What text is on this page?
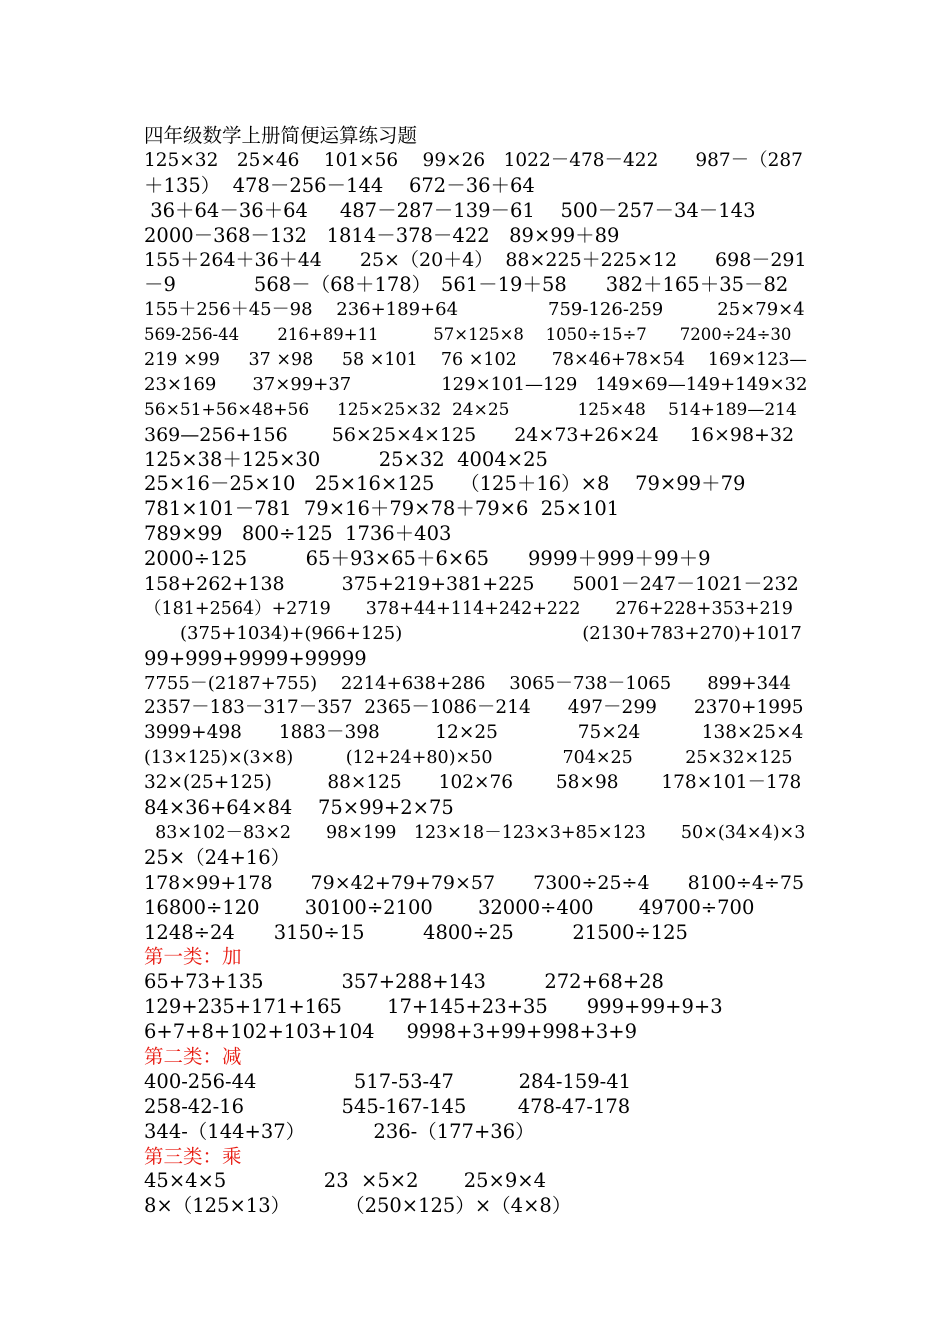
四年级数学上册简便运算练习题
125×32　25×46　 101×56　 99×26　1022－478－422　　987－（287
＋135）  478－256－144　 672－36＋64
36＋64－36＋64　  487－287－139－61　 500－257－34－143
2000－368－132　1814－378－422　89×99＋89
155＋264＋36＋44　　25×（20＋4）  88×225＋225×12　　698－291
－9　　　　568－（68＋178）　561－19＋58　　382＋165＋35－82
155＋256＋45－98　 236+189+64　　　　　759-126-259　　　25×79×4
569-256-44　　 216+89+11　　　 57×125×8　 1050÷15÷7　　7200÷24÷30
219 ×99　  37 ×98　  58 ×101　 76 ×102　　78×46+78×54　 169×123—
23×169　　37×99+37　　　　　129×101—129　149×69—149+149×32
56×51+56×48+56　  125×25×32  24×25　　　　125×48　 514+189—214
369—256+156　　 56×25×4×125　　24×73+26×24　  16×98+32
125×38＋125×30　　　25×32  4004×25
25×16－25×10　25×16×125　 （125＋16）×8　 79×99＋79
781×101－781  79×16＋79×78＋79×6  25×101
789×99　800÷125  1736＋403
2000÷125　　　65＋93×65＋6×65　　9999＋999＋99＋9
158+262+138　　　375+219+381+225　　5001－247－1021－232
（181+2564）+2719　　378+44+114+242+222　　276+228+353+219
　　(375+1034)+(966+125)　　　　　　　　　　(2130+783+270)+1017
99+999+9999+99999
7755－(2187+755)　 2214+638+286　 3065－738－1065　　899+344
2357－183－317－357  2365－1086－214　　497－299　　2370+1995
3999+498　　1883－398　　　12×25　　　　 75×24　　　 138×25×4
(13×125)×(3×8)　　　(12+24+80)×50　　　　704×25　　　25×32×125
32×(25+125)　　　88×125　　102×76　　 58×98　　 178×101－178
84×36+64×84　 75×99+2×75
83×102－83×2　　98×199　123×18－123×3+85×123　　50×(34×4)×3
25×（24+16）
178×99+178　　79×42+79+79×57　　7300÷25÷4　　8100÷4÷75
16800÷120　　 30100÷2100　　 32000÷400　　 49700÷700
1248÷24　　3150÷15　　　4800÷25　　　21500÷125
第一类：加
65+73+135　　　　357+288+143　　　272+68+28
129+235+171+165　　 17+145+23+35　　999+99+9+3
6+7+8+102+103+104　  9998+3+99+998+3+9
第二类：减
400-256-44　　　　　517-53-47　　　 284-159-41
258-42-16　　　　　545-167-145　　  478-47-178
344-（144+37）　　　　236-（177+36）
第三类：乘
45×4×5　　　　　23  ×5×2　　 25×9×4
8×（125×13）　　　 （250×125）×（4×8）
